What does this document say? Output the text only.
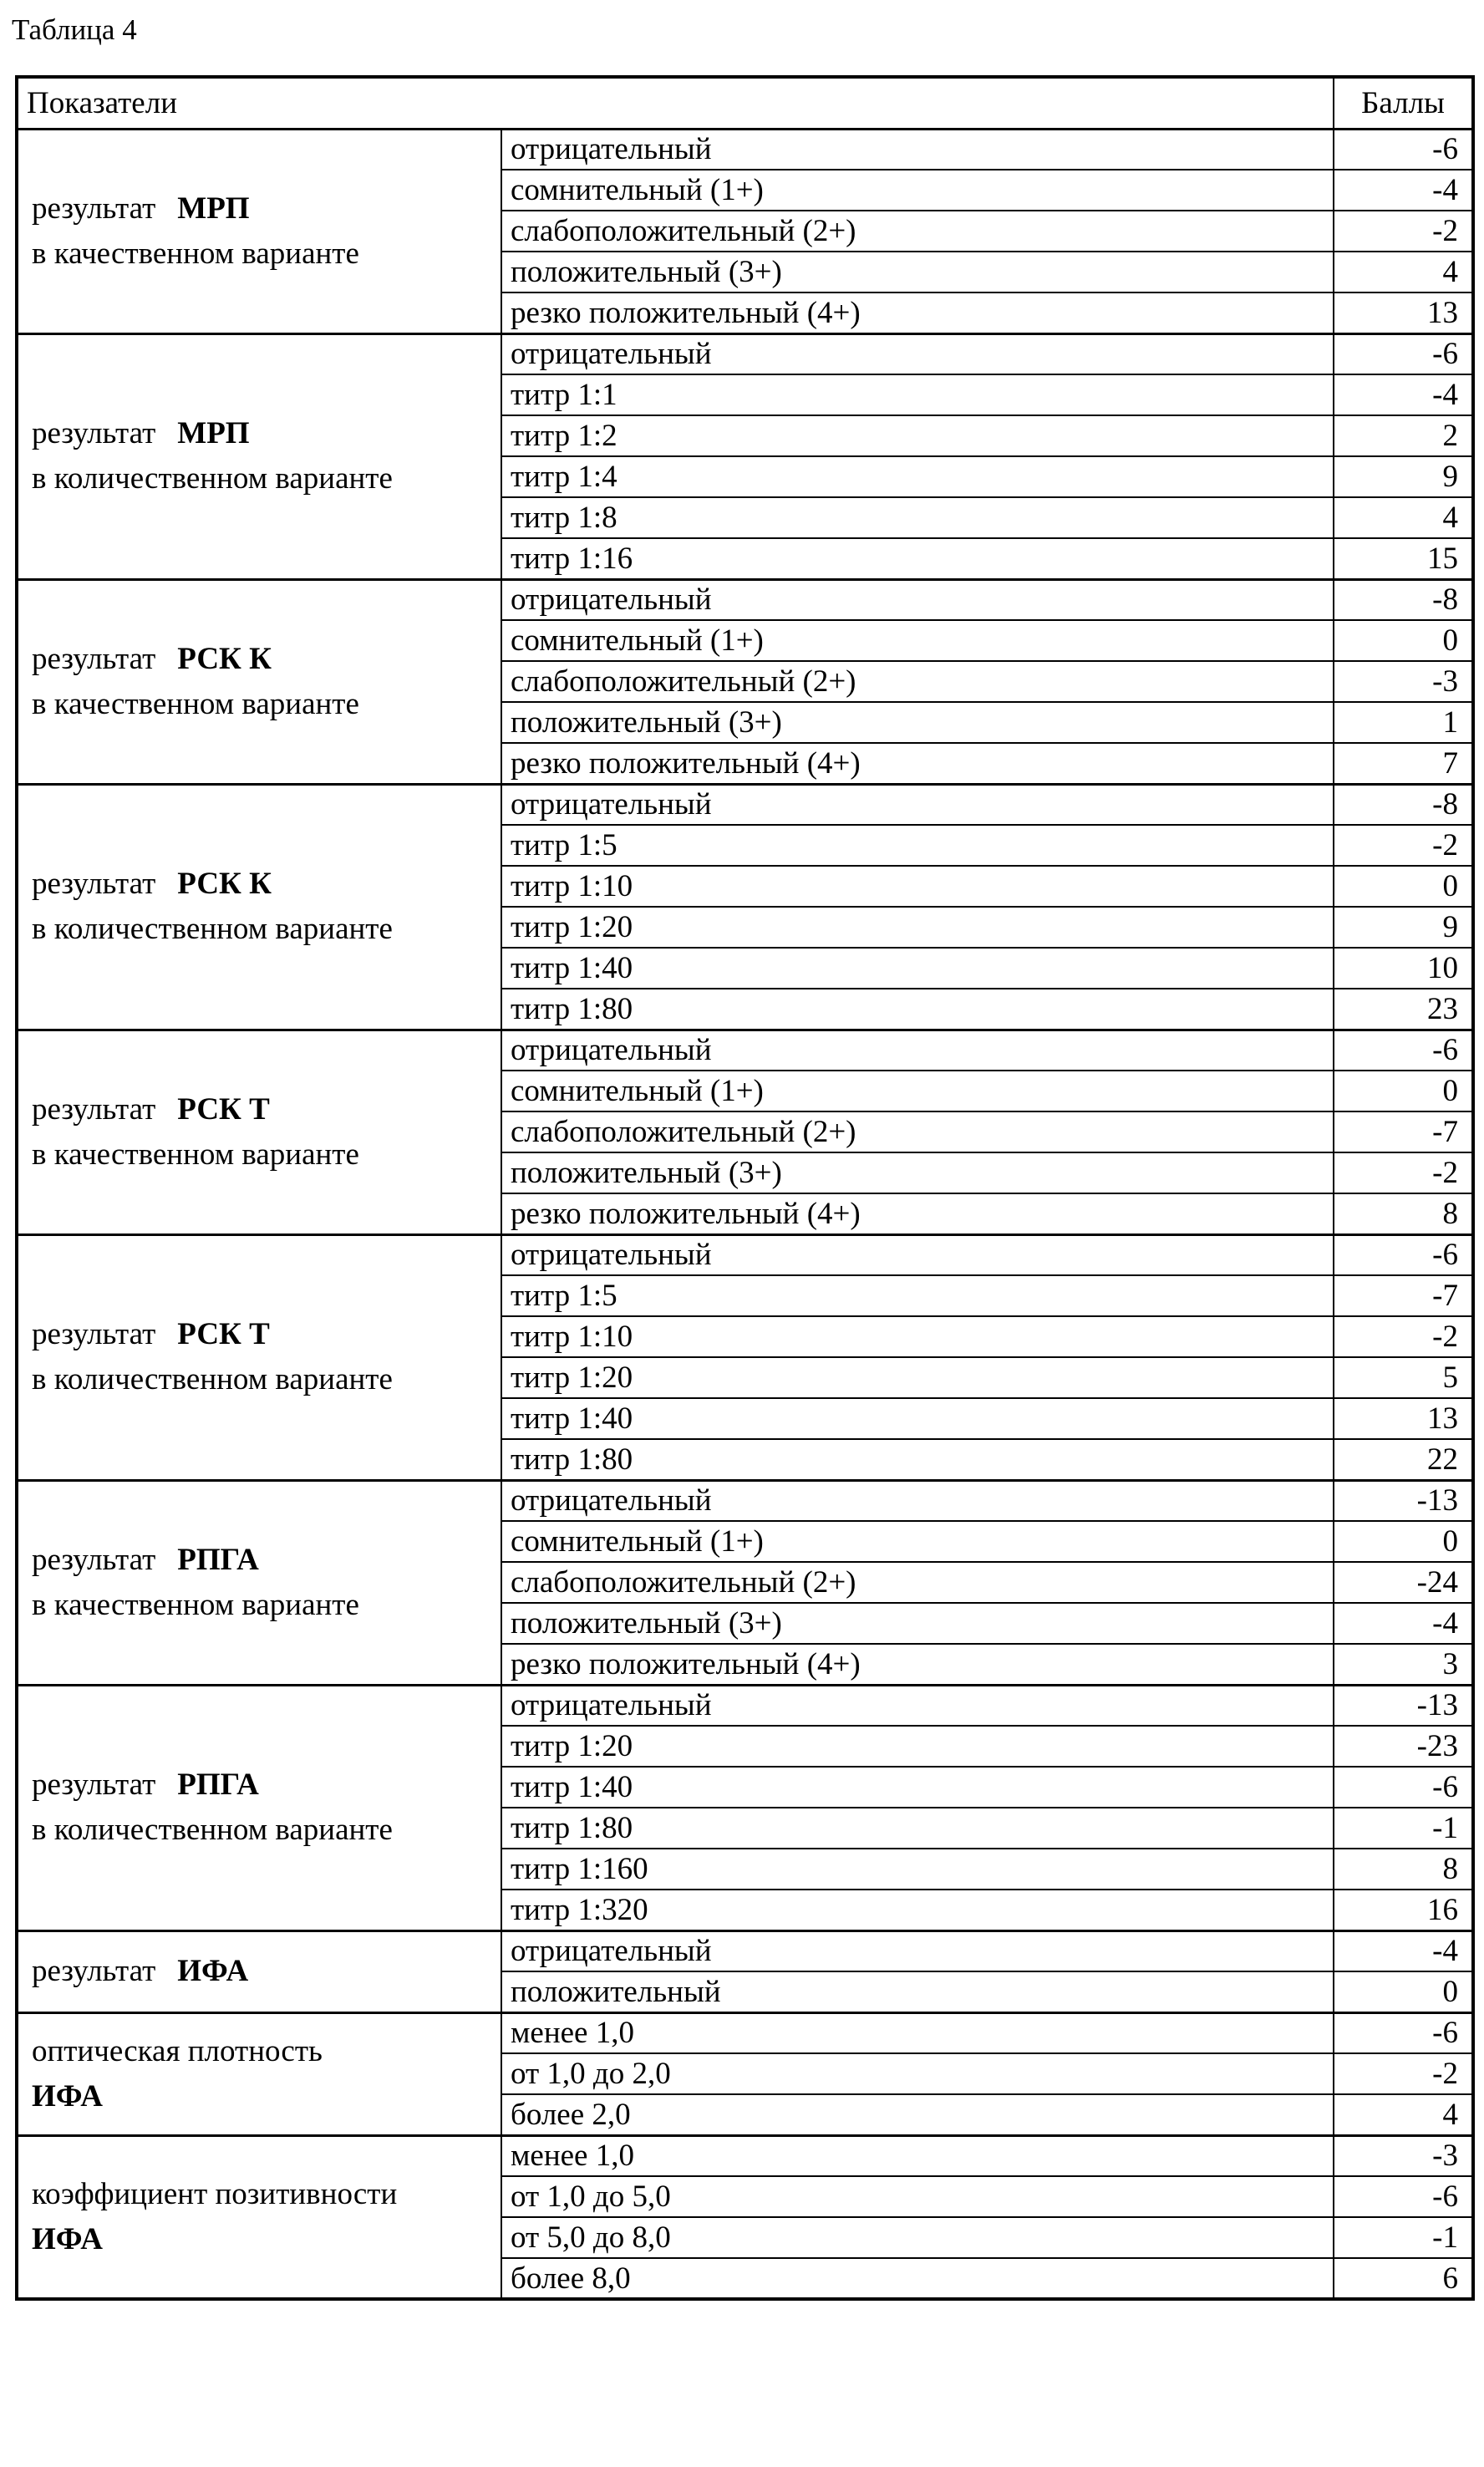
Таблица 4
Показатели		Баллы

результат МРП
в качественном варианте	отрицательный	-6
	сомнительный (1+)	-4
	слабоположительный (2+)	-2
	положительный (3+)	4
	резко положительный (4+)	13

результат МРП
в количественном варианте	отрицательный	-6
	титр 1:1	-4
	титр 1:2	2
	титр 1:4	9
	титр 1:8	4
	титр 1:16	15

результат РСК К
в качественном варианте	отрицательный	-8
	сомнительный (1+)	0
	слабоположительный (2+)	-3
	положительный (3+)	1
	резко положительный (4+)	7

результат РСК К
в количественном варианте	отрицательный	-8
	титр 1:5	-2
	титр 1:10	0
	титр 1:20	9
	титр 1:40	10
	титр 1:80	23

результат РСК Т
в качественном варианте	отрицательный	-6
	сомнительный (1+)	0
	слабоположительный (2+)	-7
	положительный (3+)	-2
	резко положительный (4+)	8

результат РСК Т
в количественном варианте	отрицательный	-6
	титр 1:5	-7
	титр 1:10	-2
	титр 1:20	5
	титр 1:40	13
	титр 1:80	22

результат РПГА
в качественном варианте	отрицательный	-13
	сомнительный (1+)	0
	слабоположительный (2+)	-24
	положительный (3+)	-4
	резко положительный (4+)	3

результат РПГА
в количественном варианте	отрицательный	-13
	титр 1:20	-23
	титр 1:40	-6
	титр 1:80	-1
	титр 1:160	8
	титр 1:320	16

результат ИФА	отрицательный	-4
	положительный	0

оптическая плотность
ИФА	менее 1,0	-6
	от 1,0 до 2,0	-2
	более 2,0	4

коэффициент позитивности
ИФА	менее 1,0	-3
	от 1,0 до 5,0	-6
	от 5,0 до 8,0	-1
	более 8,0	6
